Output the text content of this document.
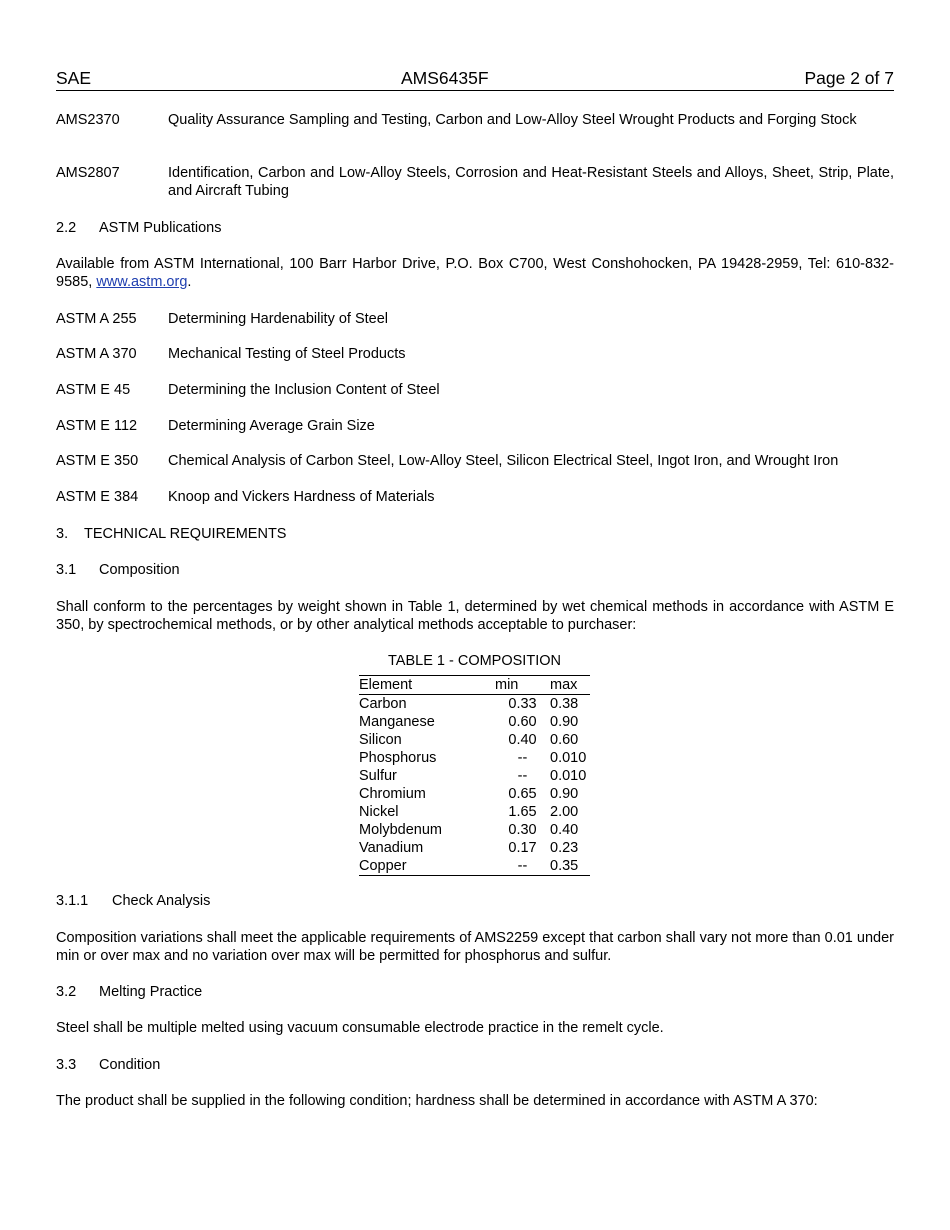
SAE	AMS6435F	Page 2 of 7
AMS2370	Quality Assurance Sampling and Testing, Carbon and Low-Alloy Steel Wrought Products and Forging Stock
AMS2807	Identification, Carbon and Low-Alloy Steels, Corrosion and Heat-Resistant Steels and Alloys, Sheet, Strip, Plate, and Aircraft Tubing
2.2 ASTM Publications
Available from ASTM International, 100 Barr Harbor Drive, P.O. Box C700, West Conshohocken, PA 19428-2959, Tel: 610-832-9585, www.astm.org.
ASTM A 255 Determining Hardenability of Steel
ASTM A 370 Mechanical Testing of Steel Products
ASTM E 45	Determining the Inclusion Content of Steel
ASTM E 112 Determining Average Grain Size
ASTM E 350 Chemical Analysis of Carbon Steel, Low-Alloy Steel, Silicon Electrical Steel, Ingot Iron, and Wrought Iron
ASTM E 384 Knoop and Vickers Hardness of Materials
3. TECHNICAL REQUIREMENTS
3.1 Composition
Shall conform to the percentages by weight shown in Table 1, determined by wet chemical methods in accordance with ASTM E 350, by spectrochemical methods, or by other analytical methods acceptable to purchaser:
TABLE 1 - COMPOSITION
Element	min	max
Carbon	0.33	0.38
Manganese	0.60	0.90
Silicon	0.40	0.60
Phosphorus	--	0.010
Sulfur	--	0.010
Chromium	0.65	0.90
Nickel	1.65	2.00
Molybdenum	0.30	0.40
Vanadium	0.17	0.23
Copper	--	0.35
3.1.1 Check Analysis
Composition variations shall meet the applicable requirements of AMS2259 except that carbon shall vary not more than 0.01 under min or over max and no variation over max will be permitted for phosphorus and sulfur.
3.2 Melting Practice
Steel shall be multiple melted using vacuum consumable electrode practice in the remelt cycle.
3.3 Condition
The product shall be supplied in the following condition; hardness shall be determined in accordance with ASTM A 370:
